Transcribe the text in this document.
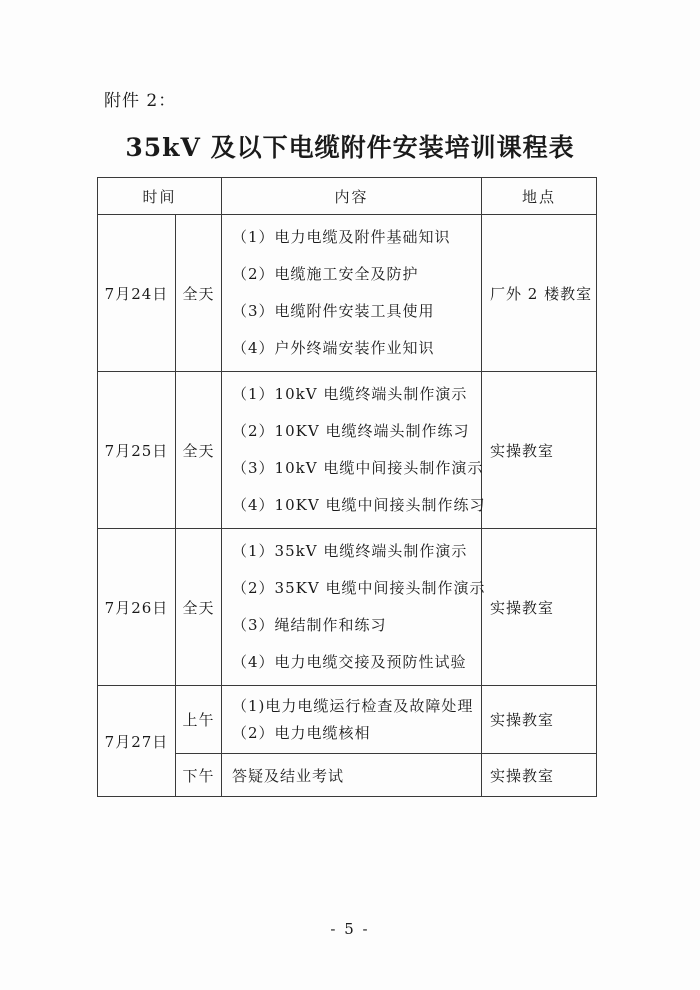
附件 2：
35kV 及以下电缆附件安装培训课程表
时间		内容	地点
7月24日	全天	（1）电力电缆及附件基础知识
（2）电缆施工安全及防护
（3）电缆附件安装工具使用
（4）户外终端安装作业知识	厂外 2 楼教室
7月25日	全天	（1）10kV 电缆终端头制作演示
（2）10KV 电缆终端头制作练习
（3）10kV 电缆中间接头制作演示
（4）10KV 电缆中间接头制作练习	实操教室
7月26日	全天	（1）35kV 电缆终端头制作演示
（2）35KV 电缆中间接头制作演示
（3）绳结制作和练习
（4）电力电缆交接及预防性试验	实操教室
7月27日	上午	（1)电力电缆运行检查及故障处理
（2）电力电缆核相	实操教室
	下午	答疑及结业考试	实操教室
- 5 -
